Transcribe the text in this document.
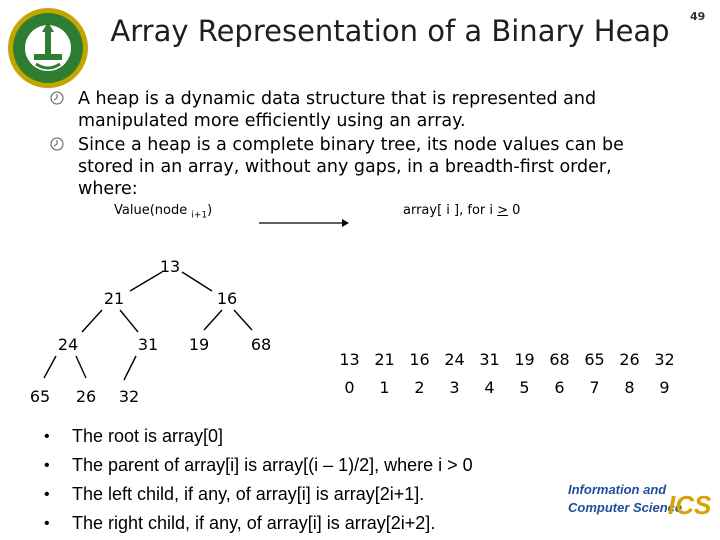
Array Representation of a Binary Heap	49
A heap is a dynamic data structure that is represented and manipulated more efficiently using an array.
Since a heap is a complete binary tree, its node values can be stored in an array, without any gaps, in a breadth-first order, where:
Value(node $_{i+1}$)	array[ i ], for i > 0
13
21	16
24	31 19	68
65 26 32
13	21	16	24	31	19	68	65	26	32
0	1	2	3	4	5	6	7	8	9
• The root is array[0]
• The parent of array[i] is array[(i – 1)/2], where i > 0
• The left child, if any, of array[i] is array[2i+1].
• The right child, if any, of array[i] is array[2i+2].
Information and
Computer Science
ICS
